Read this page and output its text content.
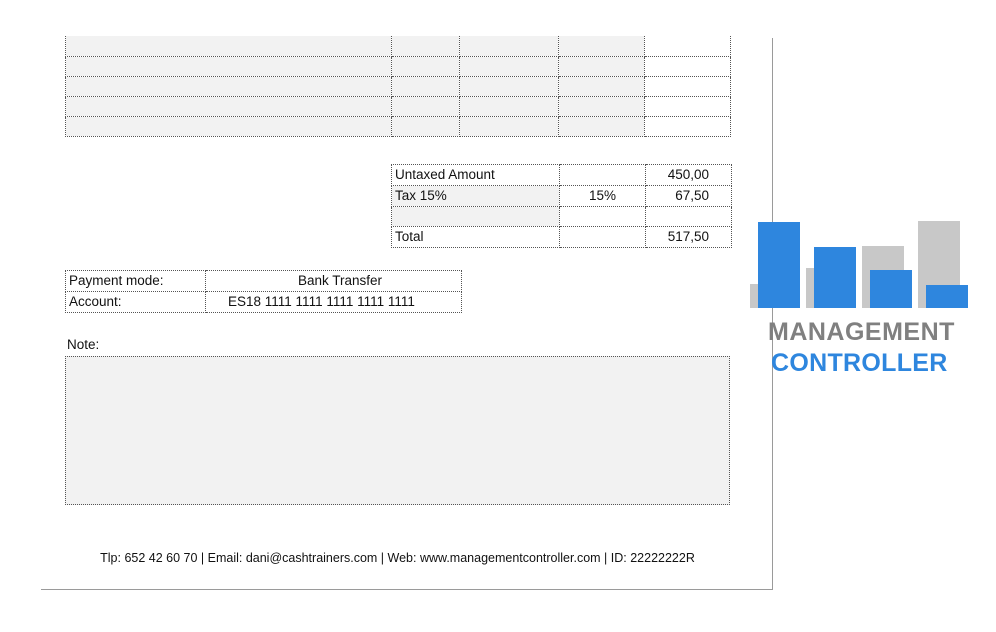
Untaxed Amount		450,00
Tax 15%	15%	67,50

Total		517,50
Payment mode:	Bank Transfer
Account:	ES18 1111 1111 1111 1111 1111
Note:
Tlp: 652 42 60 70 | Email: dani@cashtrainers.com | Web: www.managementcontroller.com | ID: 22222222R
MANAGEMENT
CONTROLLER
